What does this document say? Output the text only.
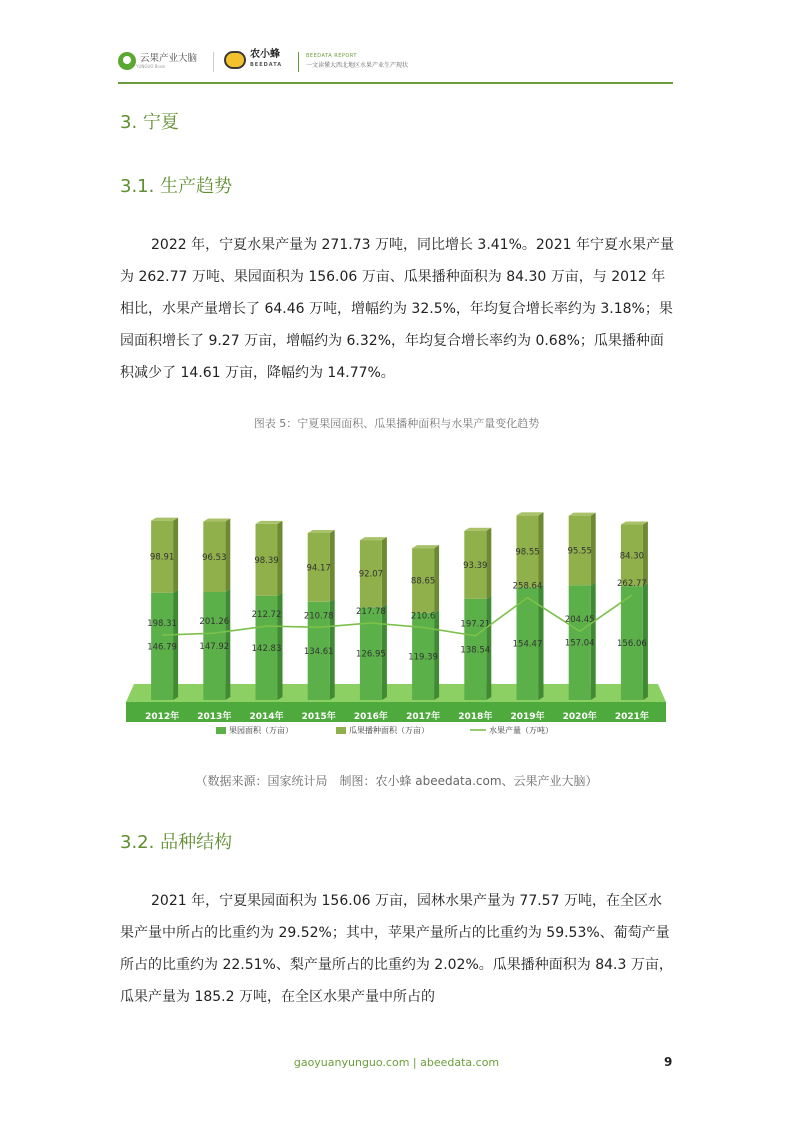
云果产业大脑
YUNGUO Brain
农小蜂
BEEDATA
BEEDATA REPORT
一文读懂大西北地区水果产业生产现状
3. 宁夏
3.1. 生产趋势
2022 年，宁夏水果产量为 271.73 万吨，同比增长 3.41%。2021 年宁夏水果产量为 262.77 万吨、果园面积为 156.06 万亩、瓜果播种面积为 84.30 万亩，与 2012 年相比，水果产量增长了 64.46 万吨，增幅约为 32.5%，年均复合增长率约为 3.18%；果园面积增长了 9.27 万亩，增幅约为 6.32%，年均复合增长率约为 0.68%；瓜果播种面积减少了 14.61 万亩，降幅约为 14.77%。
图表 5：宁夏果园面积、瓜果播种面积与水果产量变化趋势
146.79
98.91
2012年
198.31
147.92
96.53
2013年
201.26
142.83
98.39
2014年
212.72
134.61
94.17
2015年
210.78
126.95
92.07
2016年
217.78
119.39
88.65
2017年
210.6
138.54
93.39
2018年
197.21
154.47
98.55
2019年
258.64
157.04
95.55
2020年
204.45
156.06
84.30
2021年
262.77
果园面积（万亩）	瓜果播种面积（万亩）	水果产量（万吨）
（数据来源：国家统计局　制图：农小蜂 abeedata.com、云果产业大脑）
3.2. 品种结构
2021 年，宁夏果园面积为 156.06 万亩，园林水果产量为 77.57 万吨，在全区水果产量中所占的比重约为 29.52%；其中，苹果产量所占的比重约为 59.53%、葡萄产量所占的比重约为 22.51%、梨产量所占的比重约为 2.02%。瓜果播种面积为 84.3 万亩，瓜果产量为 185.2 万吨，在全区水果产量中所占的
gaoyuanyunguo.com | abeedata.com	9
